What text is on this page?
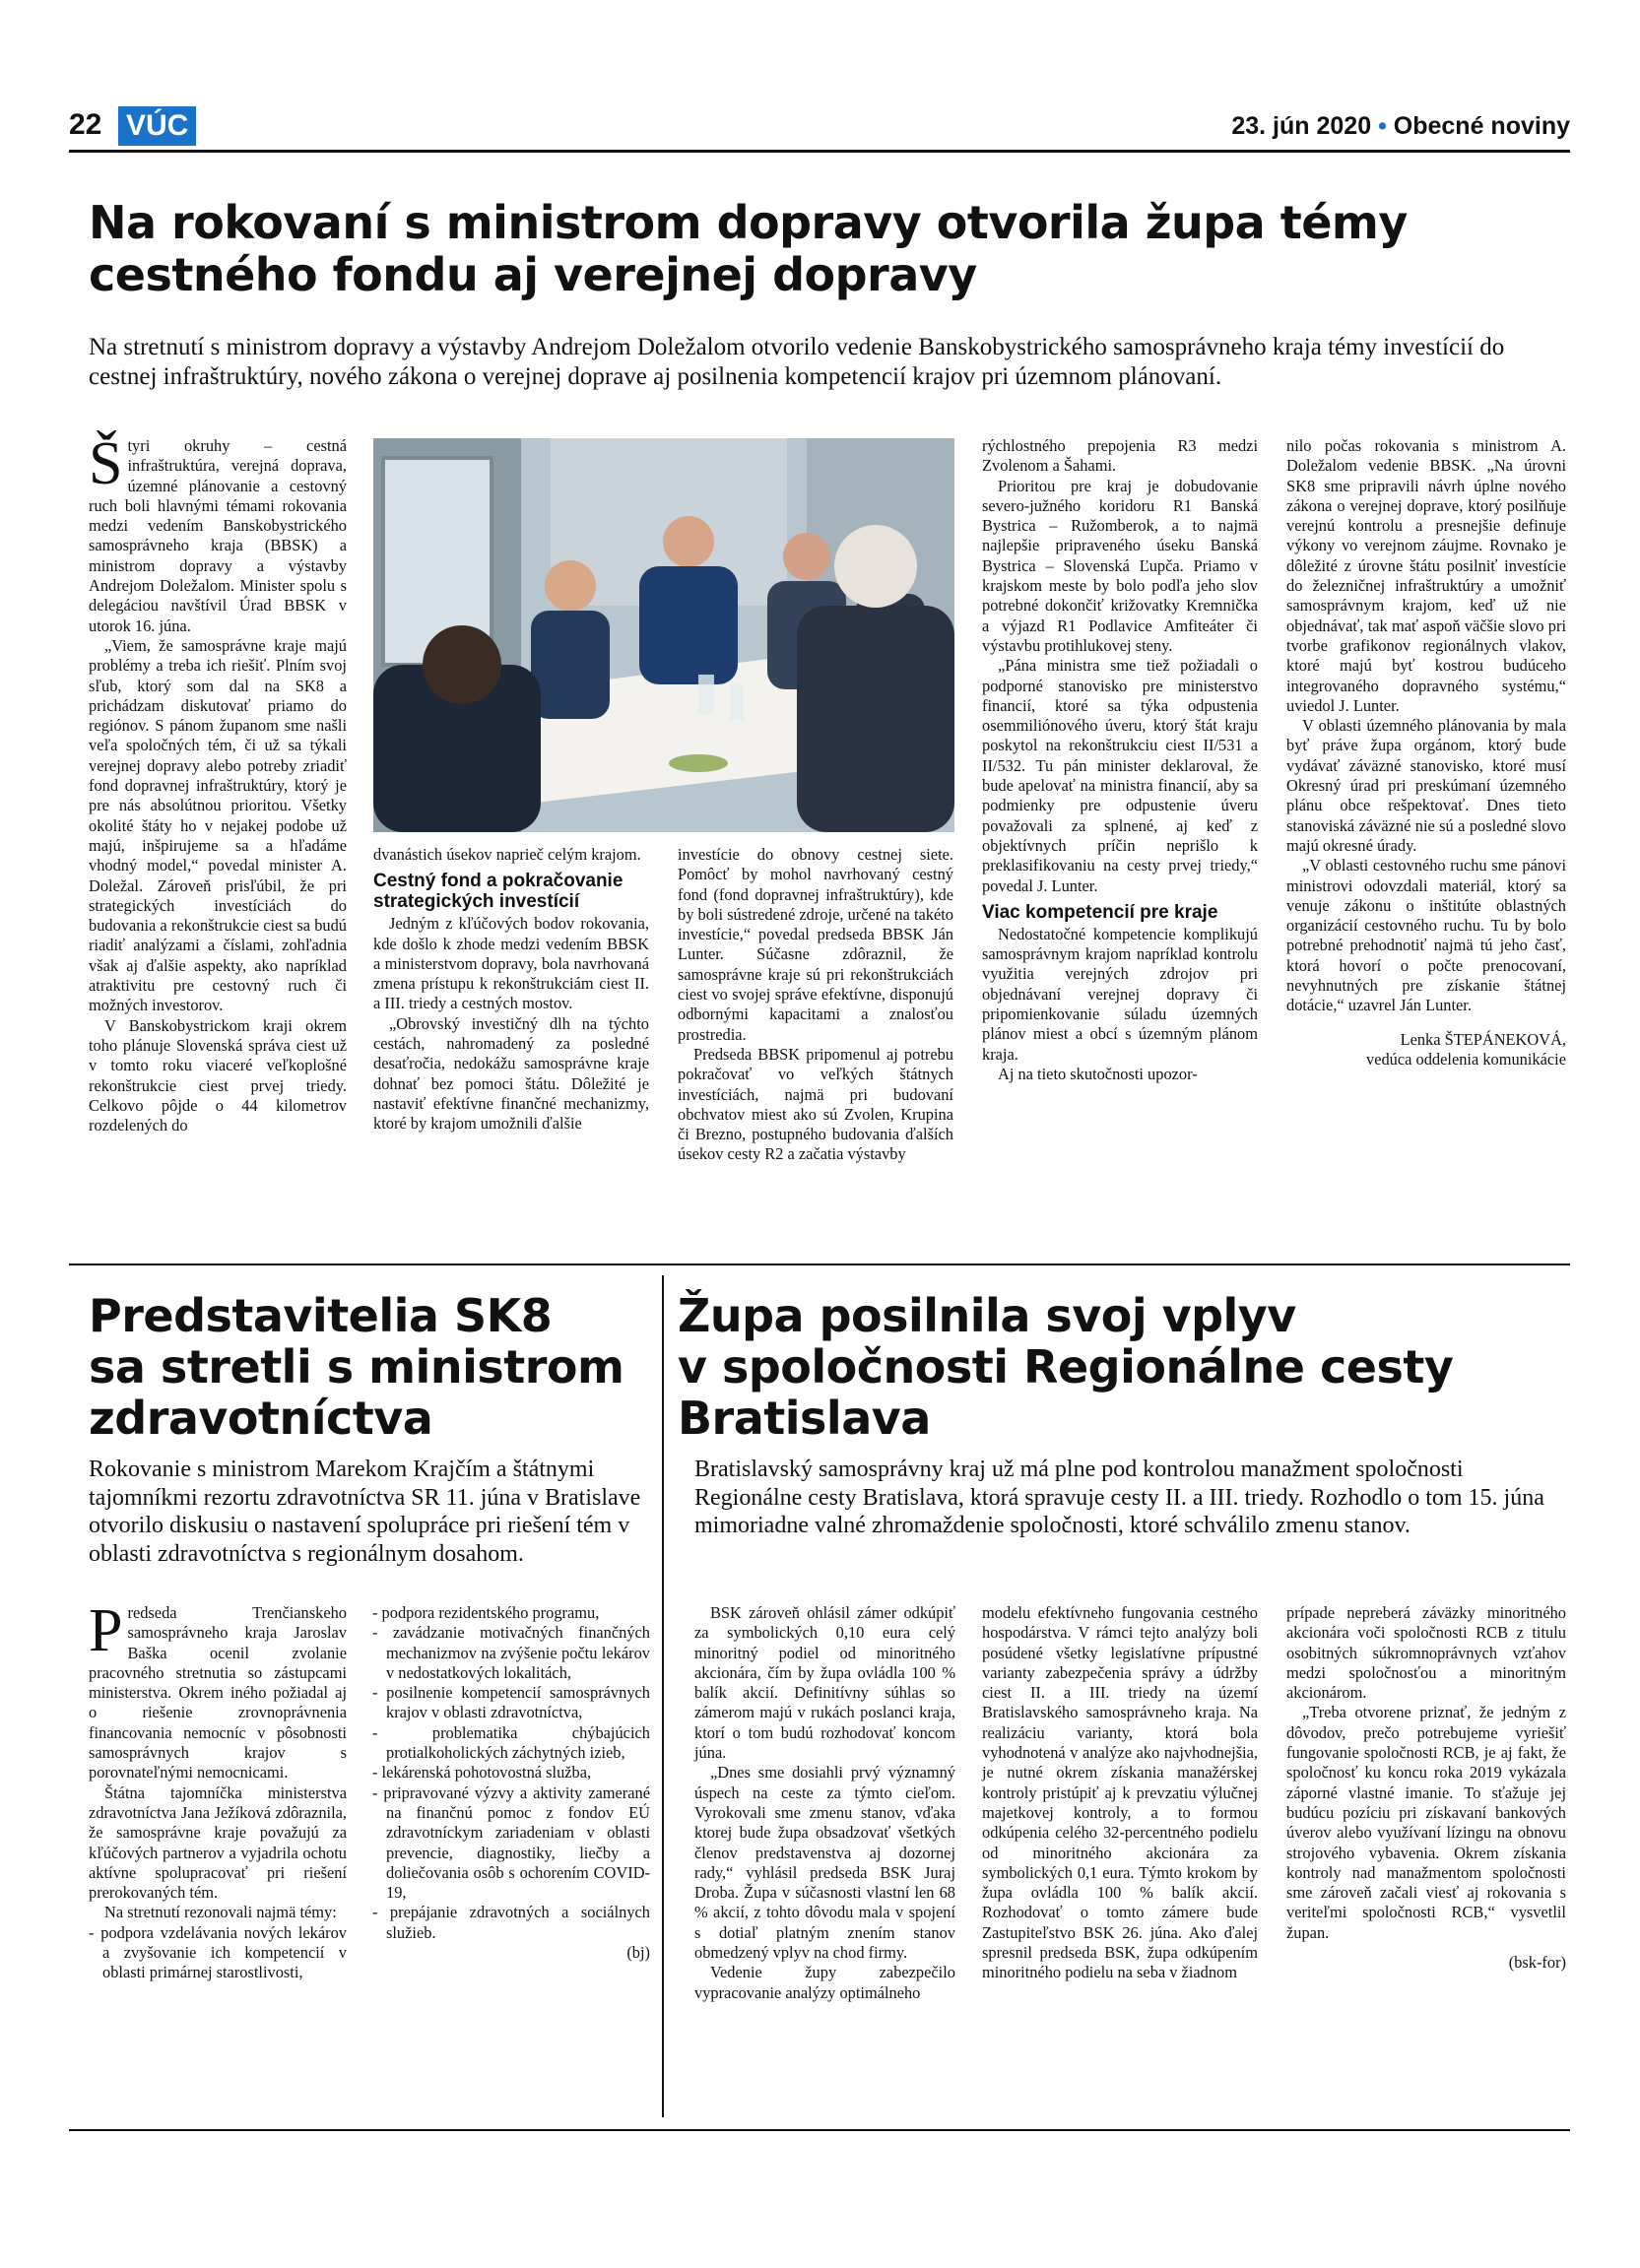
22 VÚC	23. jún 2020 • Obecné noviny
Na rokovaní s ministrom dopravy otvorila župa témy
cestného fondu aj verejnej dopravy
Na stretnutí s ministrom dopravy a výstavby Andrejom Doležalom otvorilo vedenie Banskobystrického samosprávneho kraja témy investícií do cestnej infraštruktúry, nového zákona o verejnej doprave aj posilnenia kompetencií krajov pri územnom plánovaní.

Štyri okruhy – cestná infraštruktúra, verejná doprava, územné plánovanie a cestovný ruch boli hlavnými témami rokovania medzi vedením Banskobystrického samosprávneho kraja (BBSK) a ministrom dopravy a výstavby Andrejom Doležalom. Minister spolu s delegáciou navštívil Úrad BBSK v utorok 16. júna.

„Viem, že samosprávne kraje majú problémy a treba ich riešiť. Plním svoj sľub, ktorý som dal na SK8 a prichádzam diskutovať priamo do regiónov. S pánom županom sme našli veľa spoločných tém, či už sa týkali verejnej dopravy alebo potreby zriadiť fond dopravnej infraštruktúry, ktorý je pre nás absolútnou prioritou. Všetky okolité štáty ho v nejakej podobe už majú, inšpirujeme sa a hľadáme vhodný model,“ povedal minister A. Doležal. Zároveň prisľúbil, že pri strategických investíciách do budovania a rekonštrukcie ciest sa budú riadiť analýzami a číslami, zohľadnia však aj ďalšie aspekty, ako napríklad atraktivitu pre cestovný ruch či možných investorov.

V Banskobystrickom kraji okrem toho plánuje Slovenská správa ciest už v tomto roku viaceré veľkoplošné rekonštrukcie ciest prvej triedy. Celkovo pôjde o 44 kilometrov rozdelených do

dvanástich úsekov naprieč celým krajom.

Cestný fond a pokračovanie strategických investícií

Jedným z kľúčových bodov rokovania, kde došlo k zhode medzi vedením BBSK a ministerstvom dopravy, bola navrhovaná zmena prístupu k rekonštrukciám ciest II. a III. triedy a cestných mostov.

„Obrovský investičný dlh na týchto cestách, nahromadený za posledné desaťročia, nedokážu samosprávne kraje dohnať bez pomoci štátu. Dôležité je nastaviť efektívne finančné mechanizmy, ktoré by krajom umožnili ďalšie

investície do obnovy cestnej siete. Pomôcť by mohol navrhovaný cestný fond (fond dopravnej infraštruktúry), kde by boli sústredené zdroje, určené na takéto investície,“ povedal predseda BBSK Ján Lunter. Súčasne zdôraznil, že samosprávne kraje sú pri rekonštrukciách ciest vo svojej správe efektívne, disponujú odbornými kapacitami a znalosťou prostredia.

Predseda BBSK pripomenul aj potrebu pokračovať vo veľkých štátnych investíciách, najmä pri budovaní obchvatov miest ako sú Zvolen, Krupina či Brezno, postupného budovania ďalších úsekov cesty R2 a začatia výstavby

rýchlostného prepojenia R3 medzi Zvolenom a Šahami.

Prioritou pre kraj je dobudovanie severo-južného koridoru R1 Banská Bystrica – Ružomberok, a to najmä najlepšie pripraveného úseku Banská Bystrica – Slovenská Ľupča. Priamo v krajskom meste by bolo podľa jeho slov potrebné dokončiť križovatky Kremnička a výjazd R1 Podlavice Amfiteáter či výstavbu protihlukovej steny.

„Pána ministra sme tiež požiadali o podporné stanovisko pre ministerstvo financií, ktoré sa týka odpustenia osemmiliónového úveru, ktorý štát kraju poskytol na rekonštrukciu ciest II/531 a II/532. Tu pán minister deklaroval, že bude apelovať na ministra financií, aby sa podmienky pre odpustenie úveru považovali za splnené, aj keď z objektívnych príčin neprišlo k preklasifikovaniu na cesty prvej triedy,“ povedal J. Lunter.

Viac kompetencií pre kraje

Nedostatočné kompetencie komplikujú samosprávnym krajom napríklad kontrolu využitia verejných zdrojov pri objednávaní verejnej dopravy či pripomienkovanie súladu územných plánov miest a obcí s územným plánom kraja.

Aj na tieto skutočnosti upozor-

nilo počas rokovania s ministrom A. Doležalom vedenie BBSK. „Na úrovni SK8 sme pripravili návrh úplne nového zákona o verejnej doprave, ktorý posilňuje verejnú kontrolu a presnejšie definuje výkony vo verejnom záujme. Rovnako je dôležité z úrovne štátu posilniť investície do železničnej infraštruktúry a umožniť samosprávnym krajom, keď už nie objednávať, tak mať aspoň väčšie slovo pri tvorbe grafikonov regionálnych vlakov, ktoré majú byť kostrou budúceho integrovaného dopravného systému,“ uviedol J. Lunter.

V oblasti územného plánovania by mala byť práve župa orgánom, ktorý bude vydávať záväzné stanovisko, ktoré musí Okresný úrad pri preskúmaní územného plánu obce rešpektovať. Dnes tieto stanoviská záväzné nie sú a posledné slovo majú okresné úrady.

„V oblasti cestovného ruchu sme pánovi ministrovi odovzdali materiál, ktorý sa venuje zákonu o inštitúte oblastných organizácií cestovného ruchu. Tu by bolo potrebné prehodnotiť najmä tú jeho časť, ktorá hovorí o počte prenocovaní, nevyhnutných pre získanie štátnej dotácie,“ uzavrel Ján Lunter.

Lenka ŠTEPÁNEKOVÁ,

vedúca oddelenia komunikácie

Predstavitelia SK8
sa stretli s ministrom
zdravotníctva
Rokovanie s ministrom Marekom Krajčím a štátnymi tajomníkmi rezortu zdravotníctva SR 11. júna v Bratislave otvorilo diskusiu o nastavení spolupráce pri riešení tém v oblasti zdravotníctva s regionálnym dosahom.

Predseda Trenčianskeho samosprávneho kraja Jaroslav Baška ocenil zvolanie pracovného stretnutia so zástupcami ministerstva. Okrem iného požiadal aj o riešenie zrovnoprávnenia financovania nemocníc v pôsobnosti samosprávnych krajov s porovnateľnými nemocnicami.

Štátna tajomníčka ministerstva zdravotníctva Jana Ježíková zdôraznila, že samosprávne kraje považujú za kľúčových partnerov a vyjadrila ochotu aktívne spolupracovať pri riešení prerokovaných tém.

Na stretnutí rezonovali najmä témy:

- podpora vzdelávania nových lekárov a zvyšovanie ich kompetencií v oblasti primárnej starostlivosti,
- podpora rezidentského programu,
- zavádzanie motivačných finančných mechanizmov na zvýšenie počtu lekárov v nedostatkových lokalitách,
- posilnenie kompetencií samosprávnych krajov v oblasti zdravotníctva,
- problematika chýbajúcich protialkoholických záchytných izieb,
- lekárenská pohotovostná služba,
- pripravované výzvy a aktivity zamerané na finančnú pomoc z fondov EÚ zdravotníckym zariadeniam v oblasti prevencie, diagnostiky, liečby a doliečovania osôb s ochorením COVID-19,
- prepájanie zdravotných a sociálnych služieb.

(bj)

Župa posilnila svoj vplyv
v spoločnosti Regionálne cesty
Bratislava
Bratislavský samosprávny kraj už má plne pod kontrolou manažment spoločnosti Regionálne cesty Bratislava, ktorá spravuje cesty II. a III. triedy. Rozhodlo o tom 15. júna mimoriadne valné zhromaždenie spoločnosti, ktoré schválilo zmenu stanov.

BSK zároveň ohlásil zámer odkúpiť za symbolických 0,10 eura celý minoritný podiel od minoritného akcionára, čím by župa ovládla 100 % balík akcií. Definitívny súhlas so zámerom majú v rukách poslanci kraja, ktorí o tom budú rozhodovať koncom júna.

„Dnes sme dosiahli prvý významný úspech na ceste za týmto cieľom. Vyrokovali sme zmenu stanov, vďaka ktorej bude župa obsadzovať všetkých členov predstavenstva aj dozornej rady,“ vyhlásil predseda BSK Juraj Droba. Župa v súčasnosti vlastní len 68 % akcií, z tohto dôvodu mala v spojení s dotiaľ platným znením stanov obmedzený vplyv na chod firmy.

Vedenie župy zabezpečilo vypracovanie analýzy optimálneho

modelu efektívneho fungovania cestného hospodárstva. V rámci tejto analýzy boli posúdené všetky legislatívne prípustné varianty zabezpečenia správy a údržby ciest II. a III. triedy na území Bratislavského samosprávneho kraja. Na realizáciu varianty, ktorá bola vyhodnotená v analýze ako najvhodnejšia, je nutné okrem získania manažérskej kontroly pristúpiť aj k prevzatiu výlučnej majetkovej kontroly, a to formou odkúpenia celého 32-percentného podielu od minoritného akcionára za symbolických 0,1 eura. Týmto krokom by župa ovládla 100 % balík akcií. Rozhodovať o tomto zámere bude Zastupiteľstvo BSK 26. júna. Ako ďalej spresnil predseda BSK, župa odkúpením minoritného podielu na seba v žiadnom

prípade nepreberá záväzky minoritného akcionára voči spoločnosti RCB z titulu osobitných súkromnoprávnych vzťahov medzi spoločnosťou a minoritným akcionárom.

„Treba otvorene priznať, že jedným z dôvodov, prečo potrebujeme vyriešiť fungovanie spoločnosti RCB, je aj fakt, že spoločnosť ku koncu roka 2019 vykázala záporné vlastné imanie. To sťažuje jej budúcu pozíciu pri získavaní bankových úverov alebo využívaní lízingu na obnovu strojového vybavenia. Okrem získania kontroly nad manažmentom spoločnosti sme zároveň začali viesť aj rokovania s veriteľmi spoločnosti RCB,“ vysvetlil župan.

(bsk-for)
